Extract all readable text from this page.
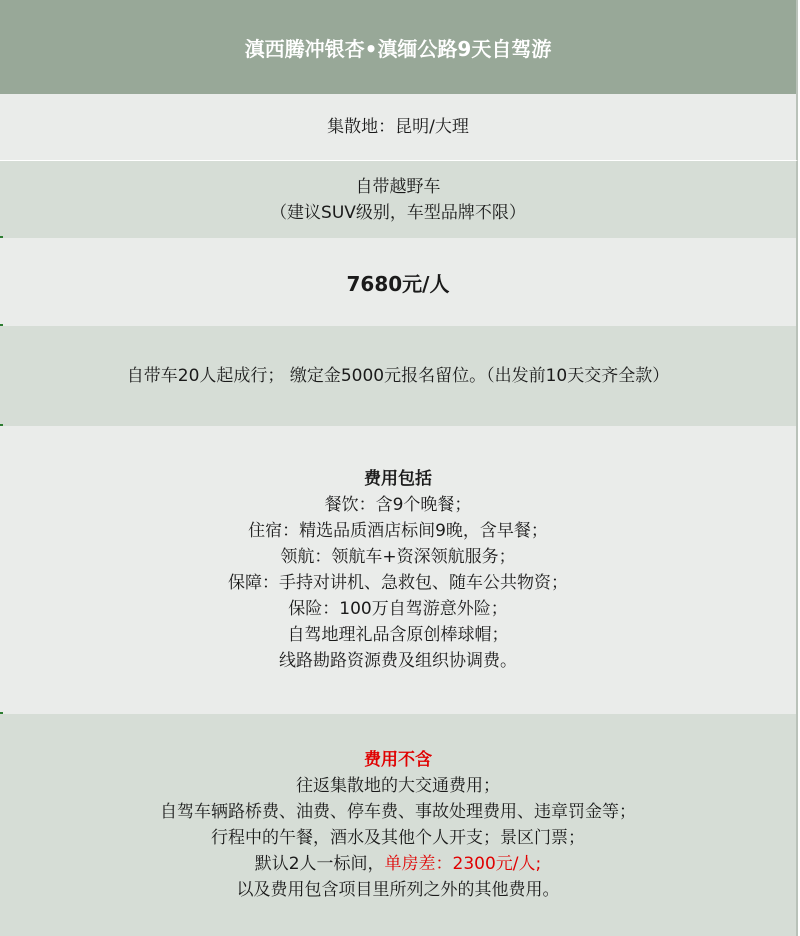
滇西腾冲银杏•滇缅公路9天自驾游
集散地：昆明/大理
自带越野车
（建议SUV级别，车型品牌不限）
7680元/人
自带车20人起成行； 缴定金5000元报名留位。（出发前10天交齐全款）
费用包括
餐饮：含9个晚餐；
住宿：精选品质酒店标间9晚，含早餐；
领航：领航车+资深领航服务；
保障：手持对讲机、急救包、随车公共物资；
保险：100万自驾游意外险；
自驾地理礼品含原创棒球帽；
线路勘路资源费及组织协调费。
费用不含
往返集散地的大交通费用；
自驾车辆路桥费、油费、停车费、事故处理费用、违章罚金等；
行程中的午餐，酒水及其他个人开支；景区门票；
默认2人一标间，单房差：2300元/人;
以及费用包含项目里所列之外的其他费用。
